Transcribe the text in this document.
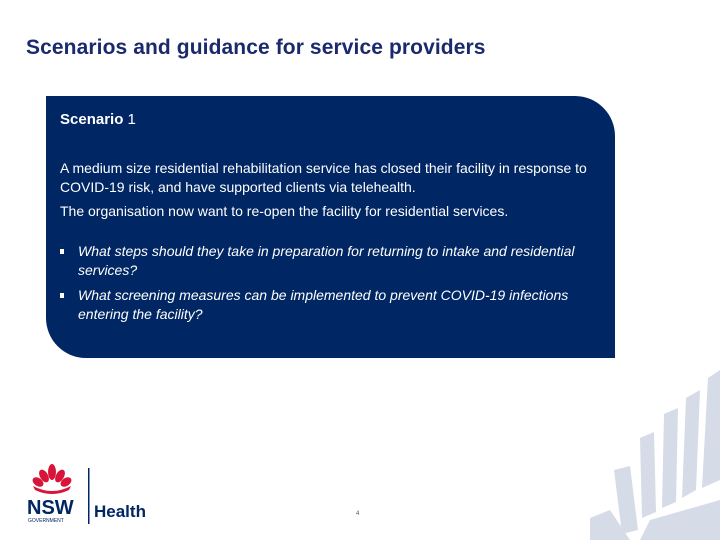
Scenarios and guidance for service providers

Scenario 1

A medium size residential rehabilitation service has closed their facility in response to COVID-19 risk, and have supported clients via telehealth.

The organisation now want to re-open the facility for residential services.

What steps should they take in preparation for returning to intake and residential services?
What screening measures can be implemented to prevent COVID-19 infections entering the facility?
NSW
GOVERNMENT Health	4
